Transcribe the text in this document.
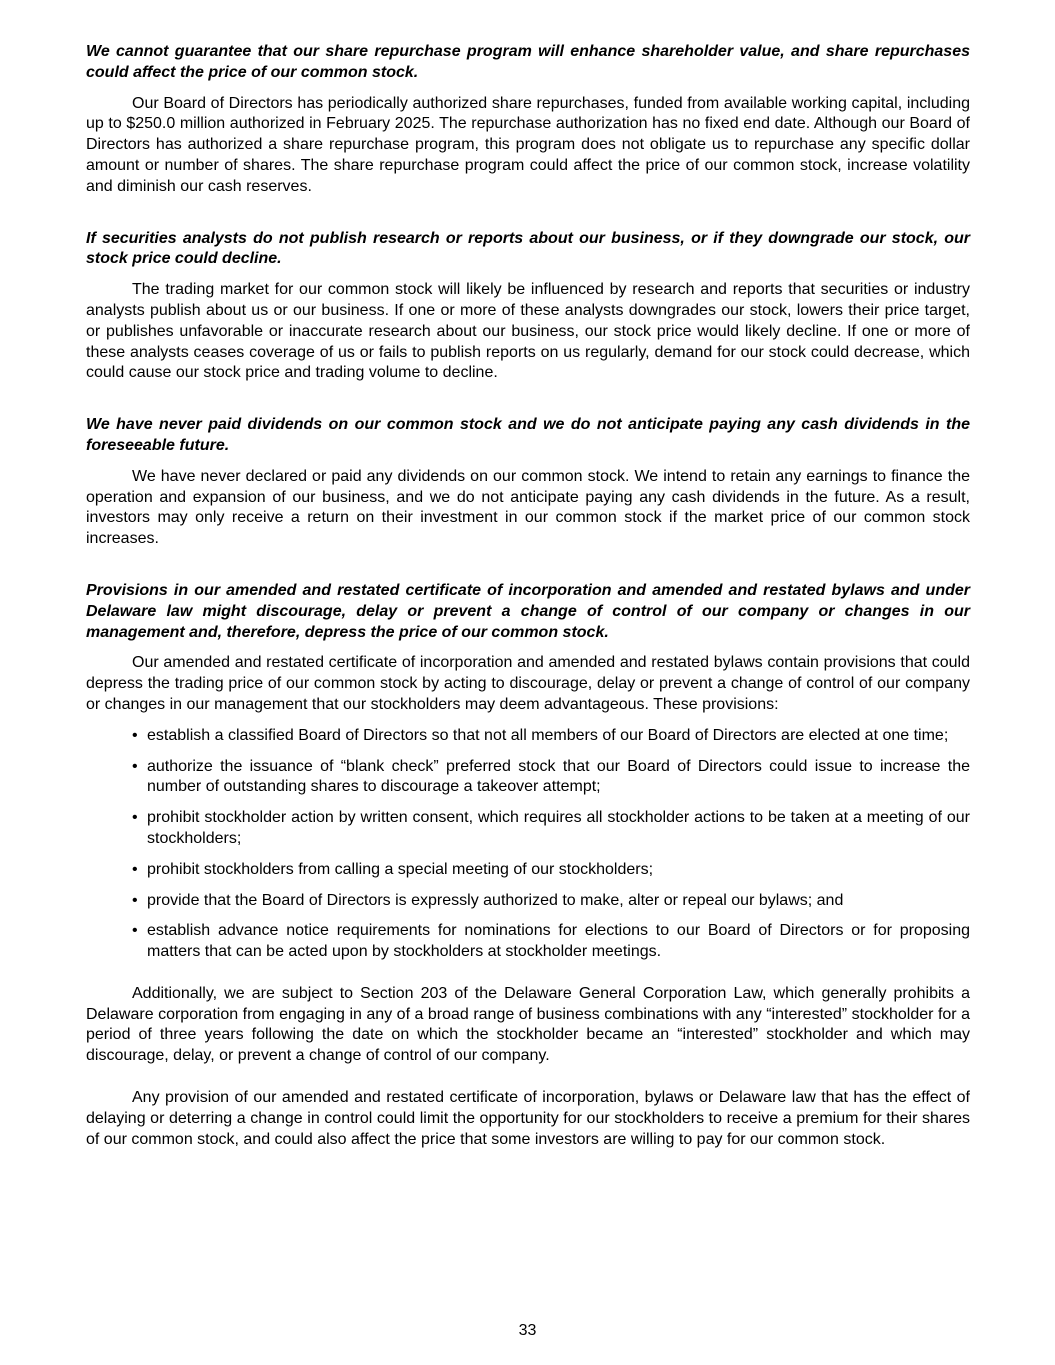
We cannot guarantee that our share repurchase program will enhance shareholder value, and share repurchases could affect the price of our common stock.

Our Board of Directors has periodically authorized share repurchases, funded from available working capital, including up to $250.0 million authorized in February 2025. The repurchase authorization has no fixed end date. Although our Board of Directors has authorized a share repurchase program, this program does not obligate us to repurchase any specific dollar amount or number of shares. The share repurchase program could affect the price of our common stock, increase volatility and diminish our cash reserves.

If securities analysts do not publish research or reports about our business, or if they downgrade our stock, our stock price could decline.

The trading market for our common stock will likely be influenced by research and reports that securities or industry analysts publish about us or our business. If one or more of these analysts downgrades our stock, lowers their price target, or publishes unfavorable or inaccurate research about our business, our stock price would likely decline. If one or more of these analysts ceases coverage of us or fails to publish reports on us regularly, demand for our stock could decrease, which could cause our stock price and trading volume to decline.

We have never paid dividends on our common stock and we do not anticipate paying any cash dividends in the foreseeable future.

We have never declared or paid any dividends on our common stock. We intend to retain any earnings to finance the operation and expansion of our business, and we do not anticipate paying any cash dividends in the future. As a result, investors may only receive a return on their investment in our common stock if the market price of our common stock increases.

Provisions in our amended and restated certificate of incorporation and amended and restated bylaws and under Delaware law might discourage, delay or prevent a change of control of our company or changes in our management and, therefore, depress the price of our common stock.

Our amended and restated certificate of incorporation and amended and restated bylaws contain provisions that could depress the trading price of our common stock by acting to discourage, delay or prevent a change of control of our company or changes in our management that our stockholders may deem advantageous. These provisions:

• establish a classified Board of Directors so that not all members of our Board of Directors are elected at one time;
• authorize the issuance of “blank check” preferred stock that our Board of Directors could issue to increase the number of outstanding shares to discourage a takeover attempt;
• prohibit stockholder action by written consent, which requires all stockholder actions to be taken at a meeting of our stockholders;
• prohibit stockholders from calling a special meeting of our stockholders;
• provide that the Board of Directors is expressly authorized to make, alter or repeal our bylaws; and
• establish advance notice requirements for nominations for elections to our Board of Directors or for proposing matters that can be acted upon by stockholders at stockholder meetings.

Additionally, we are subject to Section 203 of the Delaware General Corporation Law, which generally prohibits a Delaware corporation from engaging in any of a broad range of business combinations with any “interested” stockholder for a period of three years following the date on which the stockholder became an “interested” stockholder and which may discourage, delay, or prevent a change of control of our company.

Any provision of our amended and restated certificate of incorporation, bylaws or Delaware law that has the effect of delaying or deterring a change in control could limit the opportunity for our stockholders to receive a premium for their shares of our common stock, and could also affect the price that some investors are willing to pay for our common stock.

33
